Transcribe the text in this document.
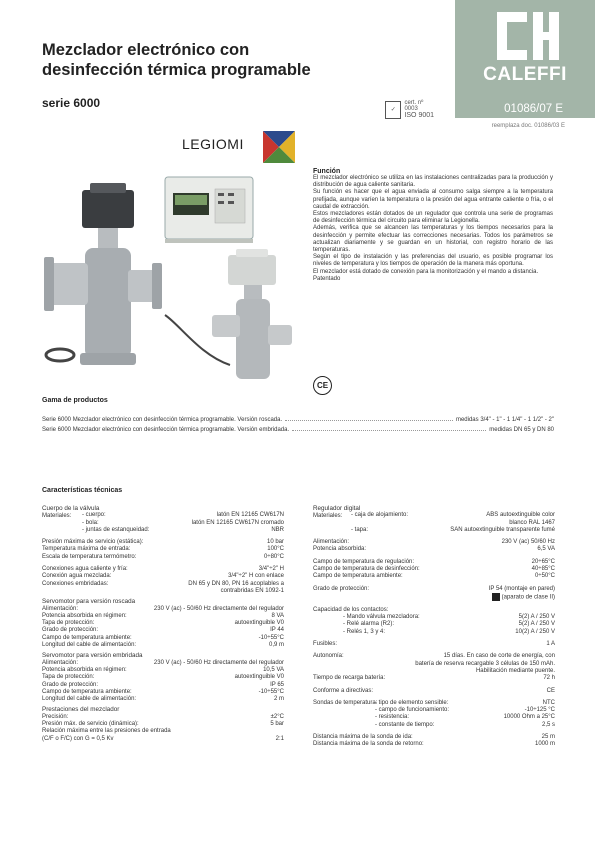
Mezclador electrónico con
desinfección térmica programable
serie 6000
CALEFFI
01086/07 E
reemplaza doc. 01086/03 E
✓
cert. nº 0003
ISO 9001
LEGIOMI
Función

El mezclador electrónico se utiliza en las instalaciones centralizadas para la producción y distribución de agua caliente sanitaria.

Su función es hacer que el agua enviada al consumo salga siempre a la temperatura prefijada, aunque varíen la temperatura o la presión del agua entrante caliente o fría, o el caudal de extracción.

Estos mezcladores están dotados de un regulador que controla una serie de programas de desinfección térmica del circuito para eliminar la Legionella.

Además, verifica que se alcancen las temperaturas y los tiempos necesarios para la desinfección y permite efectuar las correcciones necesarias. Todos los parámetros se actualizan diariamente y se guardan en un historial, con registro horario de las temperaturas.

Según el tipo de instalación y las preferencias del usuario, es posible programar los niveles de temperatura y los tiempos de operación de la manera más oportuna.

El mezclador está dotado de conexión para la monitorización y el mando a distancia.

Patentado

CE
Gama de productos
Serie 6000 Mezclador electrónico con desinfección térmica programable. Versión roscada.	medidas 3/4" - 1" - 1 1/4" - 1 1/2" - 2"
Serie 6000 Mezclador electrónico con desinfección térmica programable. Versión embridada.	medidas DN 65 y DN 80
Características técnicas
Cuerpo de la válvula
Materiales: - cuerpo:	latón EN 12165 CW617N
- bola:	latón EN 12165 CW617N cromado
- juntas de estanqueidad:	NBR
Presión máxima de servicio (estática):	10 bar
Temperatura máxima de entrada:	100°C
Escala de temperatura termómetro:	0÷80°C
Conexiones agua caliente y fría:	3/4"÷2" H
Conexión agua mezclada:	3/4"÷2" H con enlace
Conexiones embridadas:	DN 65 y DN 80, PN 16 acoplables a
contrabridas EN 1092-1
Servomotor para versión roscada
Alimentación:	230 V (ac) - 50/60 Hz directamente del regulador
Potencia absorbida en régimen:	8 VA
Tapa de protección:	autoextinguible V0
Grado de protección:	IP 44
Campo de temperatura ambiente:	-10÷55°C
Longitud del cable de alimentación:	0,9 m
Servomotor para versión embridada
Alimentación:	230 V (ac) - 50/60 Hz directamente del regulador
Potencia absorbida en régimen:	10,5 VA
Tapa de protección:	autoextinguible V0
Grado de protección:	IP 65
Campo de temperatura ambiente:	-10÷55°C
Longitud del cable de alimentación:	2 m
Prestaciones del mezclador
Precisión:	±2°C
Presión máx. de servicio (dinámica):	5 bar
Relación máxima entre las presiones de entrada
(C/F o F/C) con G = 0,5 Kv	2:1
Regulador digital
Materiales: - caja de alojamiento:	ABS autoextinguible color
blanco RAL 1467
- tapa:	SAN autoextinguible transparente fumé
Alimentación:	230 V (ac) 50/60 Hz
Potencia absorbida:	6,5 VA
Campo de temperatura de regulación:	20÷65°C
Campo de temperatura de desinfección:	40÷85°C
Campo de temperatura ambiente:	0÷50°C
Grado de protección:	IP 54 (montaje en pared)
(aparato de clase II)
Capacidad de los contactos:
- Mando válvula mezcladora:	5(2) A / 250 V
- Relé alarma (R2):	5(2) A / 250 V
- Relés 1, 3 y 4:	10(2) A / 250 V
Fusibles:	1 A
Autonomía:	15 días. En caso de corte de energía, con
batería de reserva recargable 3 células de 150 mAh.
Habilitación mediante puente.
Tiempo de recarga batería:	72 h
Conforme a directivas:	CE
Sondas de temperatura:
- tipo de elemento sensible:	NTC
- campo de funcionamiento:	-10÷125 °C
- resistencia:	10000 Ohm a 25°C
- constante de tiempo:	2,5 s
Distancia máxima de la sonda de ida:	25 m
Distancia máxima de la sonda de retorno:	1000 m
